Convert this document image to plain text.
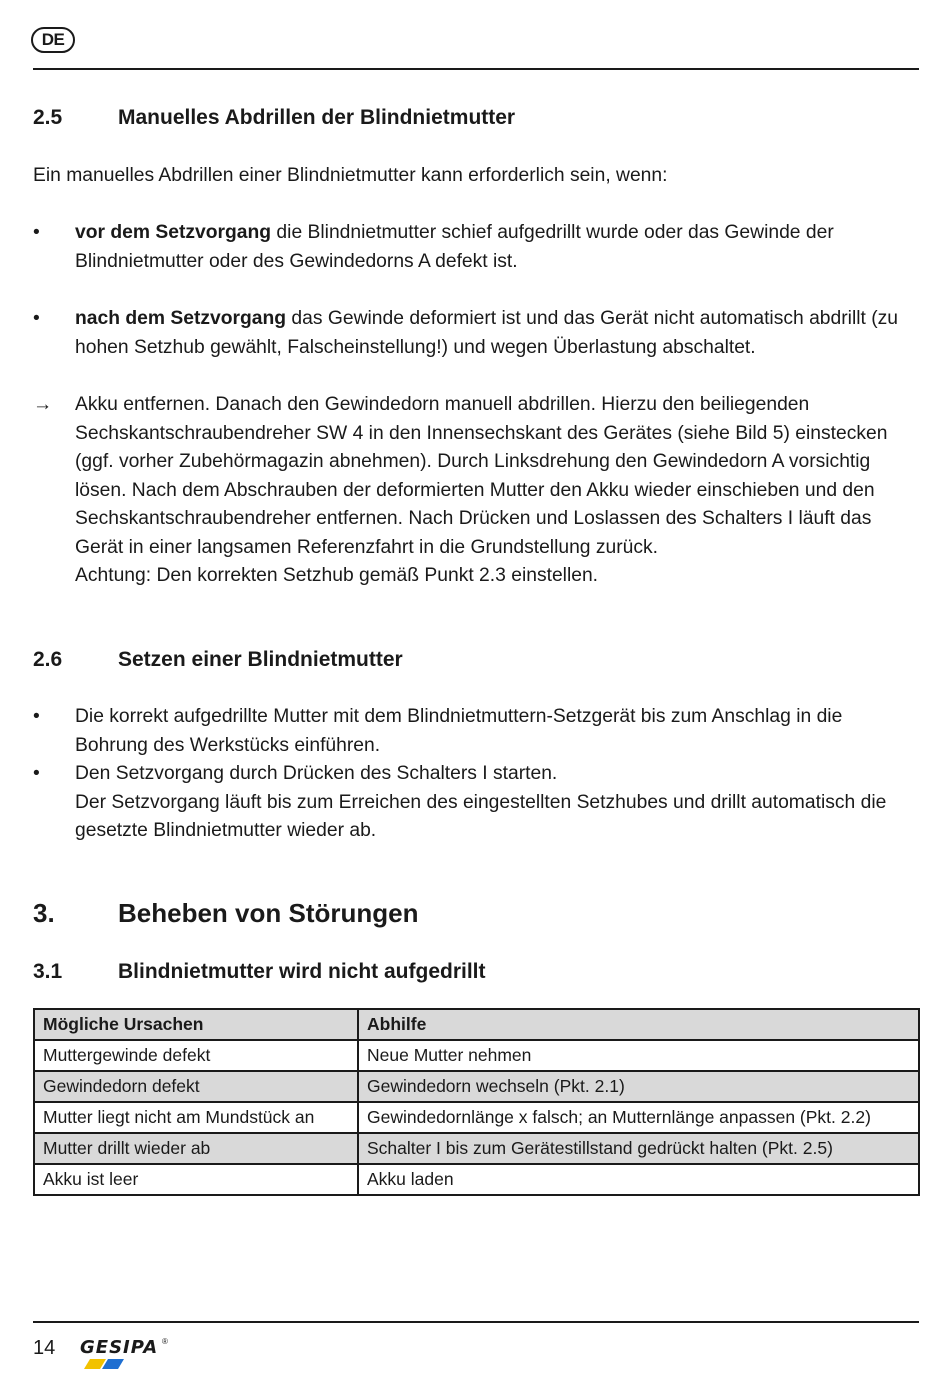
DE
2.5	Manuelles Abdrillen der Blindnietmutter
Ein manuelles Abdrillen einer Blindnietmutter kann erforderlich sein, wenn:
•	vor dem Setzvorgang die Blindnietmutter schief aufgedrillt wurde oder das Gewinde der Blindnietmutter oder des Gewindedorns A defekt ist.
•	nach dem Setzvorgang das Gewinde deformiert ist und das Gerät nicht automatisch abdrillt (zu hohen Setzhub gewählt, Falscheinstellung!) und wegen Überlastung abschaltet.
→	Akku entfernen. Danach den Gewindedorn manuell abdrillen. Hierzu den beiliegenden Sechskantschraubendreher SW 4 in den Innensechskant des Gerätes (siehe Bild 5) einstecken (ggf. vorher Zubehörmagazin abnehmen). Durch Linksdrehung den Gewindedorn A vorsichtig lösen. Nach dem Abschrauben der deformierten Mutter den Akku wieder einschieben und den Sechskantschraubendreher entfernen. Nach Drücken und Loslassen des Schalters I läuft das Gerät in einer langsamen Referenzfahrt in die Grundstellung zurück.

Achtung: Den korrekten Setzhub gemäß Punkt 2.3 einstellen.

2.6	Setzen einer Blindnietmutter
•	Die korrekt aufgedrillte Mutter mit dem Blindnietmuttern-Setzgerät bis zum Anschlag in die Bohrung des Werkstücks einführen.
•	Den Setzvorgang durch Drücken des Schalters I starten.

Der Setzvorgang läuft bis zum Erreichen des eingestellten Setzhubes und drillt automatisch die gesetzte Blindnietmutter wieder ab.

3. Beheben von Störungen
3.1	Blindnietmutter wird nicht aufgedrillt
Mögliche Ursachen	Abhilfe
Muttergewinde defekt	Neue Mutter nehmen
Gewindedorn defekt	Gewindedorn wechseln (Pkt. 2.1)
Mutter liegt nicht am Mundstück an	Gewindedornlänge x falsch; an Mutternlänge anpassen (Pkt. 2.2)
Mutter drillt wieder ab	Schalter I bis zum Gerätestillstand gedrückt halten (Pkt. 2.5)
Akku ist leer	Akku laden
14 GESIPA ®
